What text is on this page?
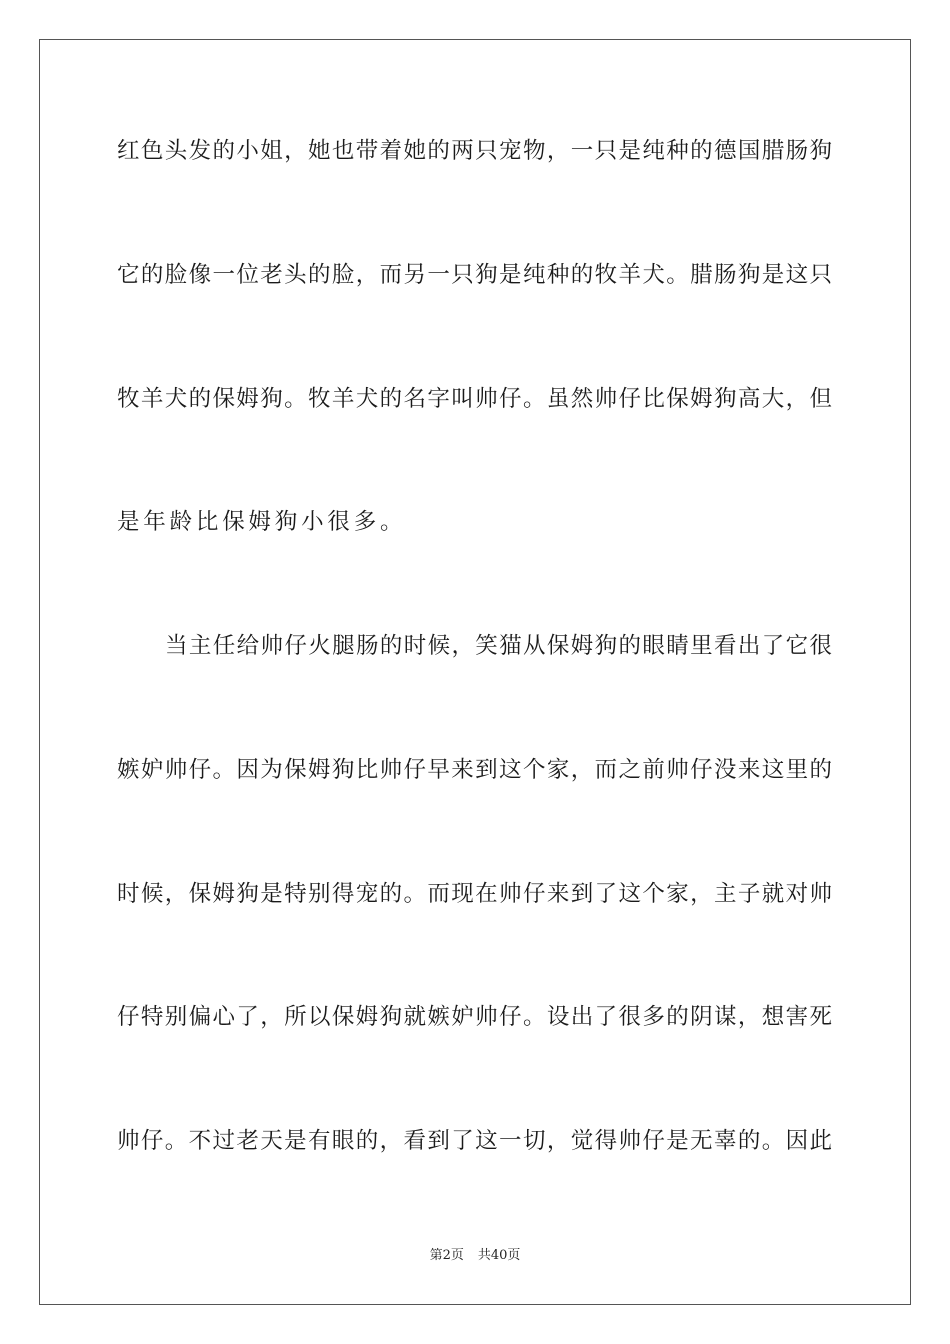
红色头发的小姐，她也带着她的两只宠物，一只是纯种的德国腊肠狗
它的脸像一位老头的脸，而另一只狗是纯种的牧羊犬。腊肠狗是这只
牧羊犬的保姆狗。牧羊犬的名字叫帅仔。虽然帅仔比保姆狗高大，但
是年龄比保姆狗小很多。
当主任给帅仔火腿肠的时候，笑猫从保姆狗的眼睛里看出了它很
嫉妒帅仔。因为保姆狗比帅仔早来到这个家，而之前帅仔没来这里的
时候，保姆狗是特别得宠的。而现在帅仔来到了这个家，主子就对帅
仔特别偏心了，所以保姆狗就嫉妒帅仔。设出了很多的阴谋，想害死
帅仔。不过老天是有眼的，看到了这一切，觉得帅仔是无辜的。因此
第2页 共40页
